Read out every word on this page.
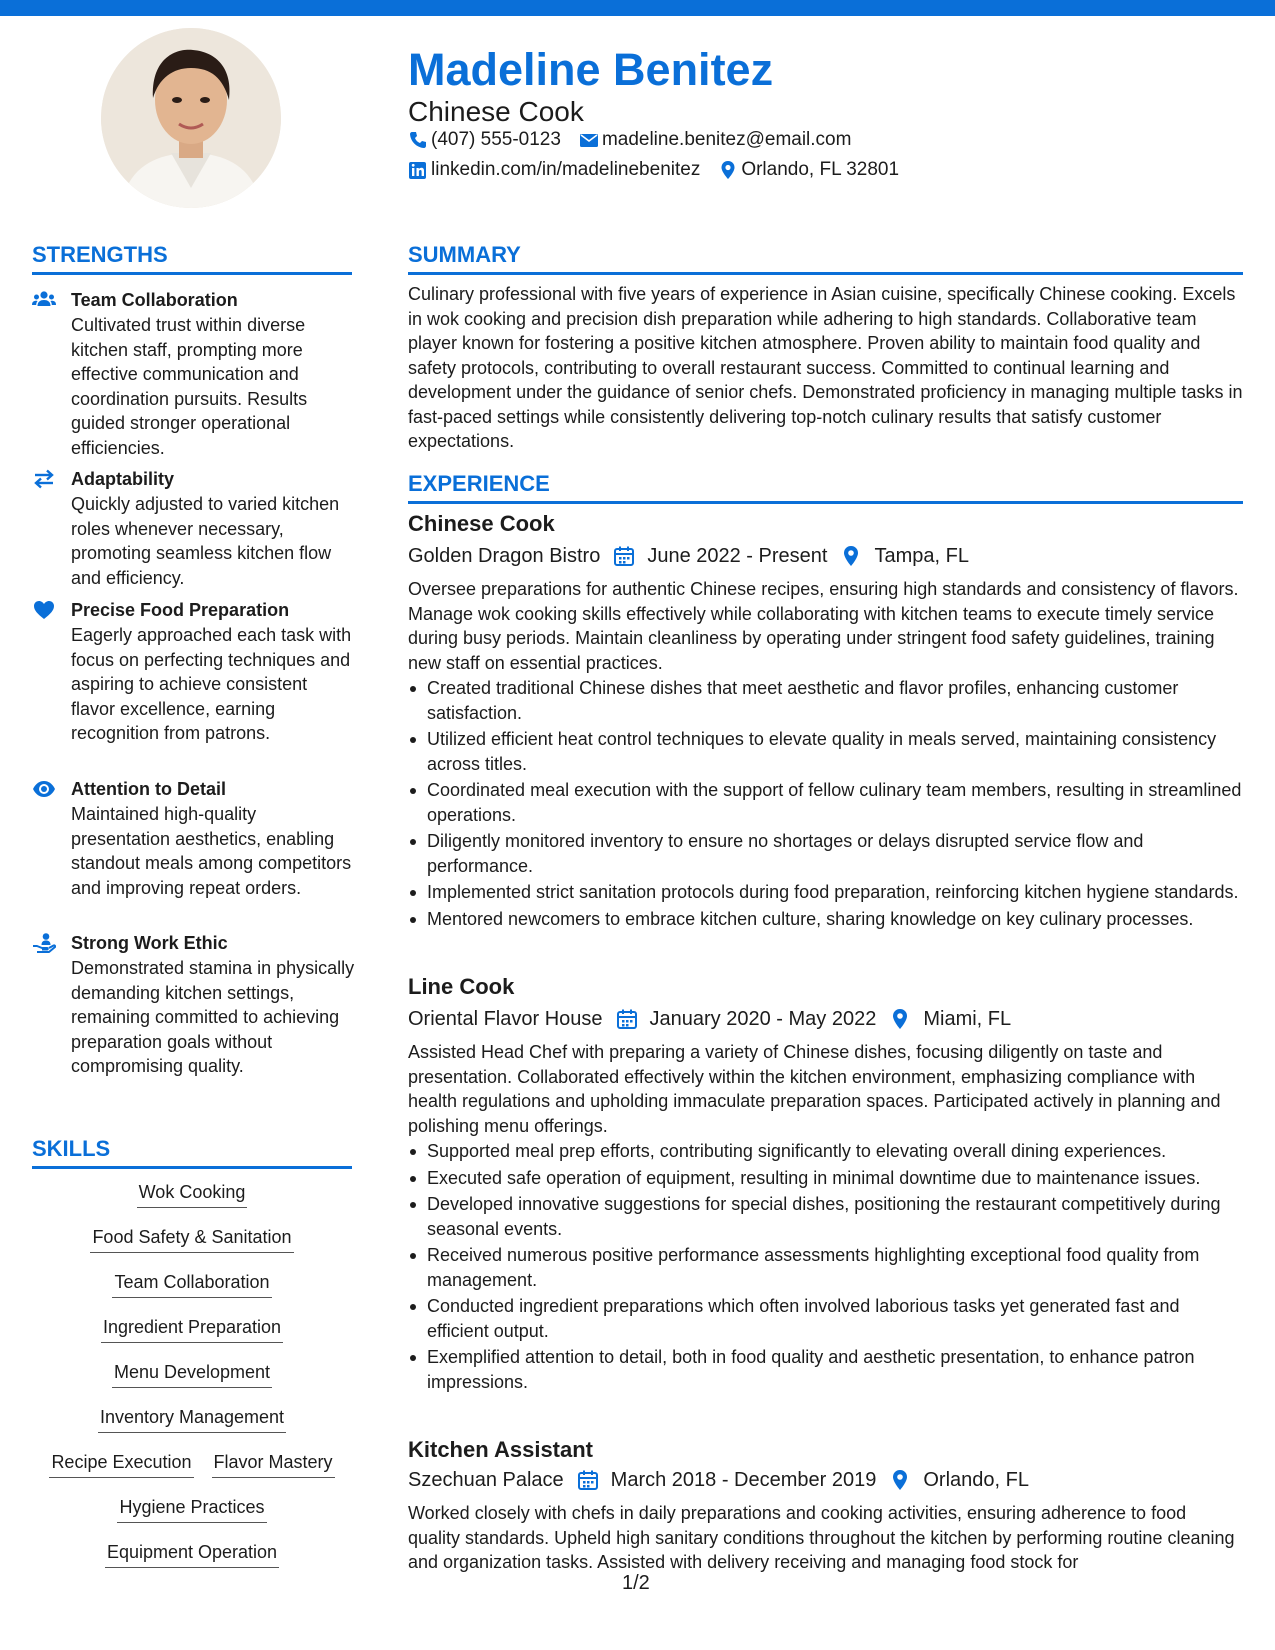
Madeline Benitez
Chinese Cook
(407) 555-0123 madeline.benitez@email.com
linkedin.com/in/madelinebenitez Orlando, FL 32801
STRENGTHS
Team Collaboration
Cultivated trust within diverse kitchen staff, prompting more effective communication and coordination pursuits. Results guided stronger operational efficiencies.
Adaptability
Quickly adjusted to varied kitchen roles whenever necessary, promoting seamless kitchen flow and efficiency.
Precise Food Preparation
Eagerly approached each task with focus on perfecting techniques and aspiring to achieve consistent flavor excellence, earning recognition from patrons.
Attention to Detail
Maintained high-quality presentation aesthetics, enabling standout meals among competitors and improving repeat orders.
Strong Work Ethic
Demonstrated stamina in physically demanding kitchen settings, remaining committed to achieving preparation goals without compromising quality.
SKILLS
Wok Cooking
Food Safety & Sanitation
Team Collaboration
Ingredient Preparation
Menu Development
Inventory Management
Recipe Execution Flavor Mastery
Hygiene Practices
Equipment Operation
SUMMARY
Culinary professional with five years of experience in Asian cuisine, specifically Chinese cooking. Excels in wok cooking and precision dish preparation while adhering to high standards. Collaborative team player known for fostering a positive kitchen atmosphere. Proven ability to maintain food quality and safety protocols, contributing to overall restaurant success. Committed to continual learning and development under the guidance of senior chefs. Demonstrated proficiency in managing multiple tasks in fast-paced settings while consistently delivering top-notch culinary results that satisfy customer expectations.
EXPERIENCE
Chinese Cook
Golden Dragon Bistro June 2022 - Present Tampa, FL
Oversee preparations for authentic Chinese recipes, ensuring high standards and consistency of flavors. Manage wok cooking skills effectively while collaborating with kitchen teams to execute timely service during busy periods. Maintain cleanliness by operating under stringent food safety guidelines, training new staff on essential practices.
Created traditional Chinese dishes that meet aesthetic and flavor profiles, enhancing customer satisfaction.
Utilized efficient heat control techniques to elevate quality in meals served, maintaining consistency across titles.
Coordinated meal execution with the support of fellow culinary team members, resulting in streamlined operations.
Diligently monitored inventory to ensure no shortages or delays disrupted service flow and performance.
Implemented strict sanitation protocols during food preparation, reinforcing kitchen hygiene standards.
Mentored newcomers to embrace kitchen culture, sharing knowledge on key culinary processes.
Line Cook
Oriental Flavor House January 2020 - May 2022 Miami, FL
Assisted Head Chef with preparing a variety of Chinese dishes, focusing diligently on taste and presentation. Collaborated effectively within the kitchen environment, emphasizing compliance with health regulations and upholding immaculate preparation spaces. Participated actively in planning and polishing menu offerings.
Supported meal prep efforts, contributing significantly to elevating overall dining experiences.
Executed safe operation of equipment, resulting in minimal downtime due to maintenance issues.
Developed innovative suggestions for special dishes, positioning the restaurant competitively during seasonal events.
Received numerous positive performance assessments highlighting exceptional food quality from management.
Conducted ingredient preparations which often involved laborious tasks yet generated fast and efficient output.
Exemplified attention to detail, both in food quality and aesthetic presentation, to enhance patron impressions.
Kitchen Assistant
Szechuan Palace March 2018 - December 2019 Orlando, FL
Worked closely with chefs in daily preparations and cooking activities, ensuring adherence to food quality standards. Upheld high sanitary conditions throughout the kitchen by performing routine cleaning and organization tasks. Assisted with delivery receiving and managing food stock for
1/2
